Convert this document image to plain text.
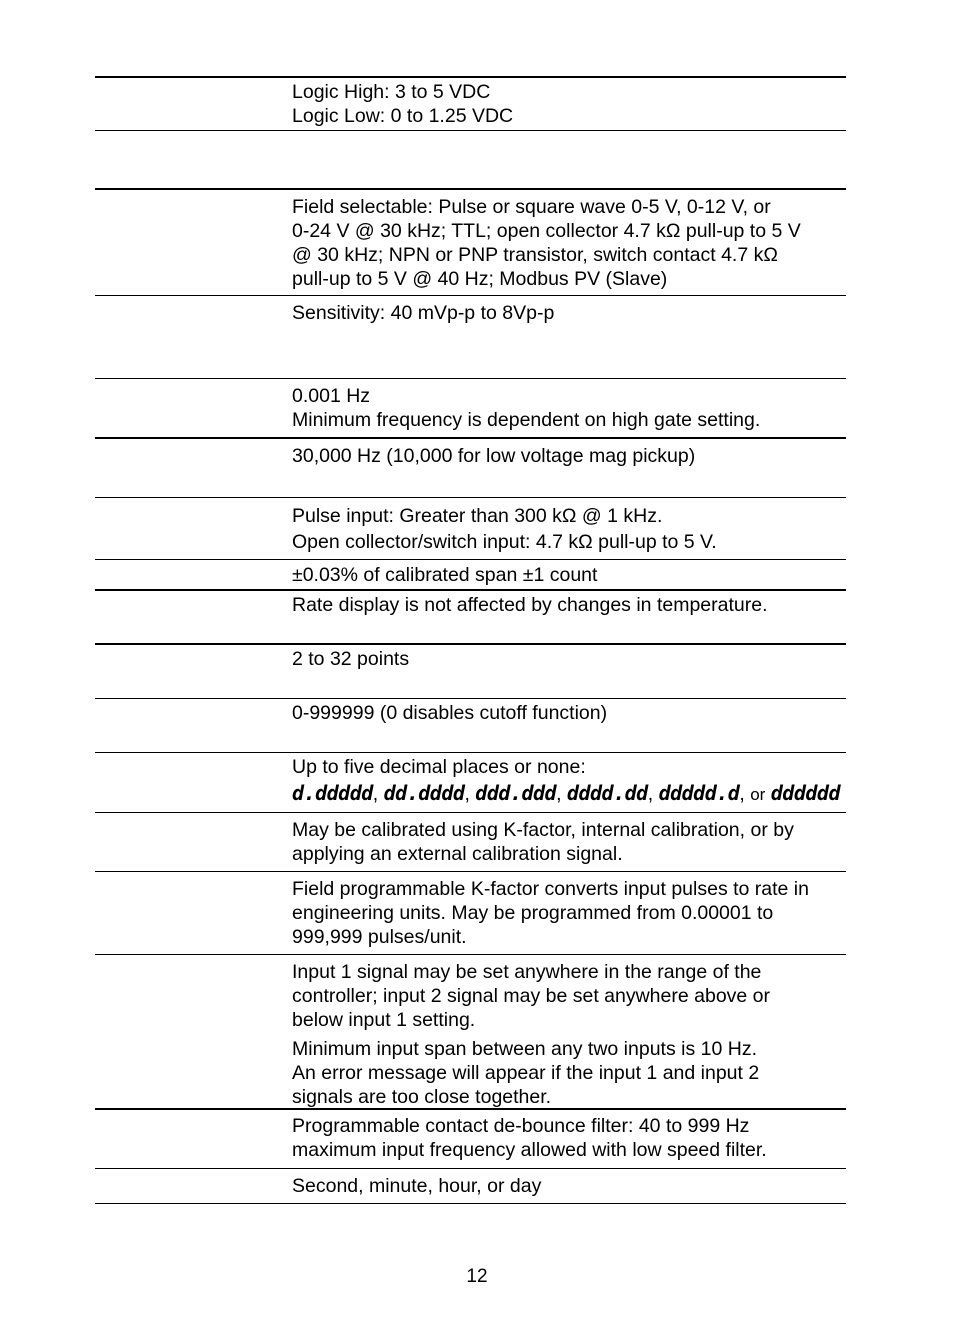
Logic High: 3 to 5 VDC
Logic Low: 0 to 1.25 VDC
Field selectable: Pulse or square wave 0-5 V, 0-12 V, or
0-24 V @ 30 kHz; TTL; open collector 4.7 kΩ pull-up to 5 V
@ 30 kHz; NPN or PNP transistor, switch contact 4.7 kΩ
pull-up to 5 V @ 40 Hz; Modbus PV (Slave)
Sensitivity: 40 mVp-p to 8Vp-p
0.001 Hz
Minimum frequency is dependent on high gate setting.
30,000 Hz (10,000 for low voltage mag pickup)
Pulse input: Greater than 300 kΩ @ 1 kHz.
Open collector/switch input: 4.7 kΩ pull-up to 5 V.
±0.03% of calibrated span ±1 count
Rate display is not affected by changes in temperature.
2 to 32 points
0-999999 (0 disables cutoff function)
Up to five decimal places or none:
d.ddddd, dd.dddd, ddd.ddd, dddd.dd, ddddd.d, or dddddd
May be calibrated using K-factor, internal calibration, or by
applying an external calibration signal.
Field programmable K-factor converts input pulses to rate in
engineering units. May be programmed from 0.00001 to
999,999 pulses/unit.
Input 1 signal may be set anywhere in the range of the
controller; input 2 signal may be set anywhere above or
below input 1 setting.
Minimum input span between any two inputs is 10 Hz.
An error message will appear if the input 1 and input 2
signals are too close together.
Programmable contact de-bounce filter: 40 to 999 Hz
maximum input frequency allowed with low speed filter.
Second, minute, hour, or day
12
